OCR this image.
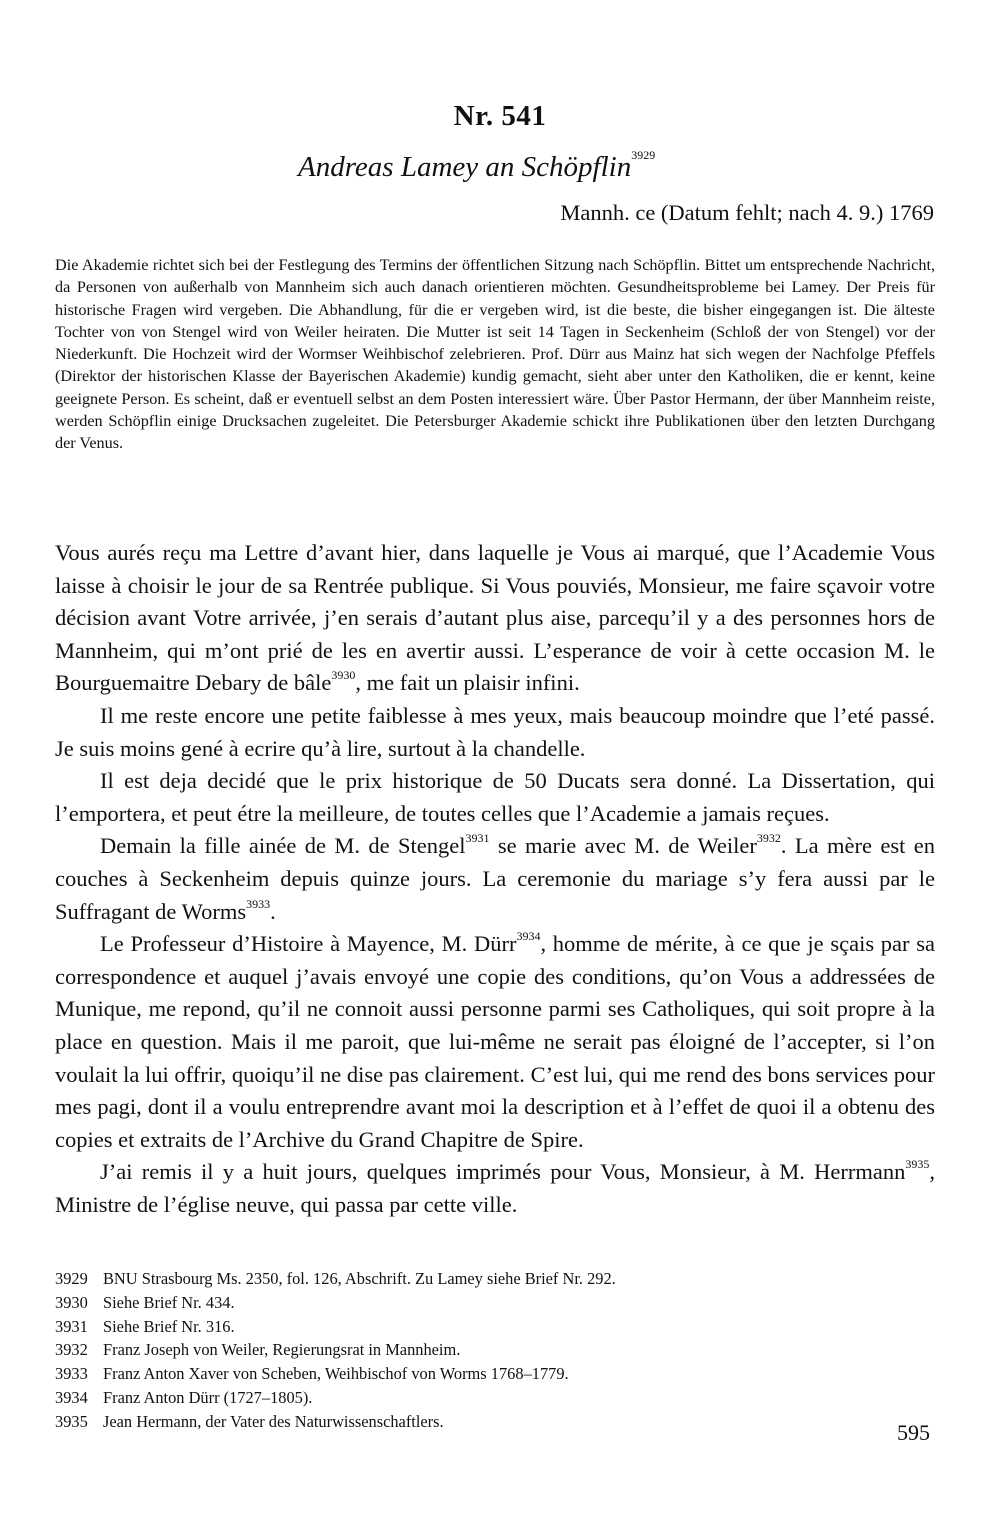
Nr. 541
Andreas Lamey an Schöpflin$^{3929}$
Mannh. ce (Datum fehlt; nach 4. 9.) 1769
Die Akademie richtet sich bei der Festlegung des Termins der öffentlichen Sitzung nach Schöpflin. Bittet um entsprechende Nachricht, da Personen von außerhalb von Mannheim sich auch danach orientieren möchten. Gesundheitsprobleme bei Lamey. Der Preis für historische Fragen wird vergeben. Die Abhandlung, für die er vergeben wird, ist die beste, die bisher eingegangen ist. Die älteste Tochter von von Stengel wird von Weiler heiraten. Die Mutter ist seit 14 Tagen in Seckenheim (Schloß der von Stengel) vor der Niederkunft. Die Hochzeit wird der Wormser Weihbischof zelebrieren. Prof. Dürr aus Mainz hat sich wegen der Nachfolge Pfeffels (Direktor der historischen Klasse der Bayerischen Akademie) kundig gemacht, sieht aber unter den Katholiken, die er kennt, keine geeignete Person. Es scheint, daß er eventuell selbst an dem Posten interessiert wäre. Über Pastor Hermann, der über Mannheim reiste, werden Schöpflin einige Drucksachen zugeleitet. Die Petersburger Akademie schickt ihre Publikationen über den letzten Durchgang der Venus.

Vous aurés reçu ma Lettre d’avant hier, dans laquelle je Vous ai marqué, que l’Academie Vous laisse à choisir le jour de sa Rentrée publique. Si Vous pouviés, Monsieur, me faire sçavoir votre décision avant Votre arrivée, j’en serais d’autant plus aise, parcequ’il y a des personnes hors de Mannheim, qui m’ont prié de les en avertir aussi. L’esperance de voir à cette occasion M. le Bourguemaitre Debary de bâle$^{3930}$, me fait un plaisir infini.

Il me reste encore une petite faiblesse à mes yeux, mais beaucoup moindre que l’eté passé. Je suis moins gené à ecrire qu’à lire, surtout à la chandelle.

Il est deja decidé que le prix historique de 50 Ducats sera donné. La Dissertation, qui l’emportera, et peut étre la meilleure, de toutes celles que l’Academie a jamais reçues.

Demain la fille ainée de M. de Stengel$^{3931}$ se marie avec M. de Weiler$^{3932}$. La mère est en couches à Seckenheim depuis quinze jours. La ceremonie du mariage s’y fera aussi par le Suffragant de Worms$^{3933}$.

Le Professeur d’Histoire à Mayence, M. Dürr$^{3934}$, homme de mérite, à ce que je sçais par sa correspondence et auquel j’avais envoyé une copie des conditions, qu’on Vous a addressées de Munique, me repond, qu’il ne connoit aussi personne parmi ses Catholiques, qui soit propre à la place en question. Mais il me paroit, que lui-même ne serait pas éloigné de l’accepter, si l’on voulait la lui offrir, quoiqu’il ne dise pas clairement. C’est lui, qui me rend des bons services pour mes pagi, dont il a voulu entreprendre avant moi la description et à l’effet de quoi il a obtenu des copies et extraits de l’Archive du Grand Chapitre de Spire.

J’ai remis il y a huit jours, quelques imprimés pour Vous, Monsieur, à M. Herrmann$^{3935}$, Ministre de l’église neuve, qui passa par cette ville.

3929 BNU Strasbourg Ms. 2350, fol. 126, Abschrift. Zu Lamey siehe Brief Nr. 292.
3930 Siehe Brief Nr. 434.
3931 Siehe Brief Nr. 316.
3932 Franz Joseph von Weiler, Regierungsrat in Mannheim.
3933 Franz Anton Xaver von Scheben, Weihbischof von Worms 1768–1779.
3934 Franz Anton Dürr (1727–1805).
3935 Jean Hermann, der Vater des Naturwissenschaftlers.	595
